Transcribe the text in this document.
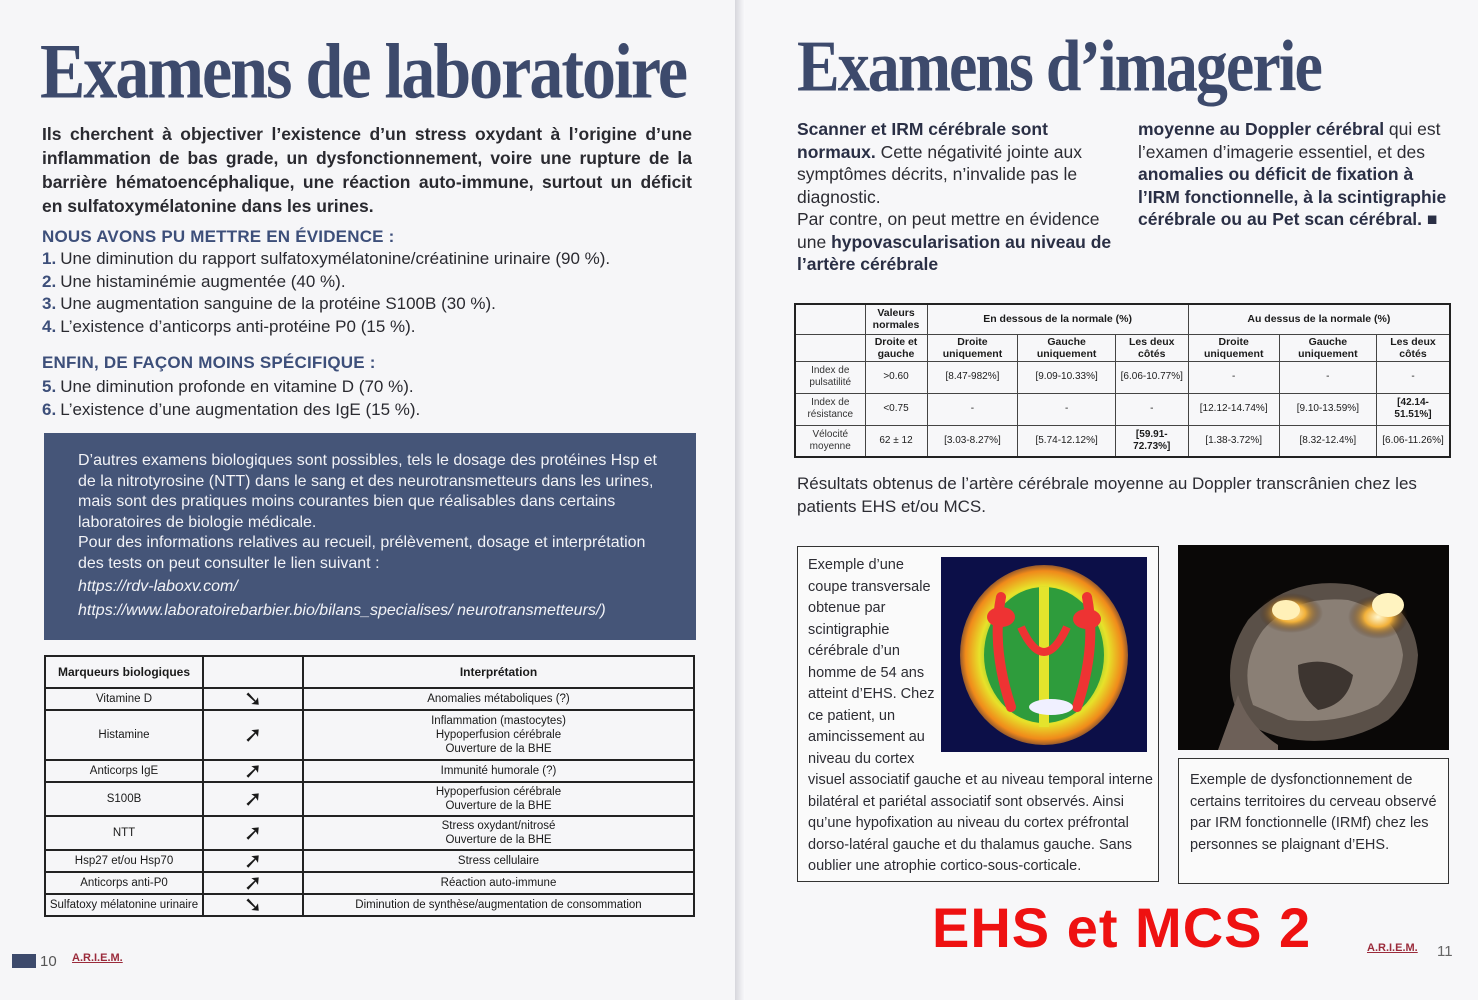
Examens de laboratoire
Ils cherchent à objectiver l’existence d’un stress oxydant à l’origine d’une inflammation de bas grade, un dysfonctionnement, voire une rupture de la barrière hématoencéphalique, une réaction auto-immune, surtout un déficit en sulfatoxymélatonine dans les urines.
NOUS AVONS PU METTRE EN ÉVIDENCE :
1. Une diminution du rapport sulfatoxymélatonine/créatinine urinaire (90 %).
2. Une histaminémie augmentée (40 %).
3. Une augmentation sanguine de la protéine S100B (30 %).
4. L’existence d’anticorps anti-protéine P0 (15 %).
ENFIN, DE FAÇON MOINS SPÉCIFIQUE :
5. Une diminution profonde en vitamine D (70 %).
6. L’existence d’une augmentation des IgE (15 %).

D’autres examens biologiques sont possibles, tels le dosage des protéines Hsp et de la nitrotyrosine (NTT) dans le sang et des neurotransmetteurs dans les urines, mais sont des pratiques moins courantes bien que réalisables dans certains laboratoires de biologie médicale.

Pour des informations relatives au recueil, prélèvement, dosage et interprétation des tests on peut consulter le lien suivant :

https://rdv-laboxv.com/
https://www.laboratoirebarbier.bio/bilans_specialises/ neurotransmetteurs/)
Marqueurs biologiques		Interprétation
Vitamine D	➘	Anomalies métaboliques (?)
Histamine	➚	Inflammation (mastocytes)
Hypoperfusion cérébrale
Ouverture de la BHE
Anticorps IgE	➚	Immunité humorale (?)
S100B	➚	Hypoperfusion cérébrale
Ouverture de la BHE
NTT	➚	Stress oxydant/nitrosé
Ouverture de la BHE
Hsp27 et/ou Hsp70	➚	Stress cellulaire
Anticorps anti-P0	➚	Réaction auto-immune
Sulfatoxy mélatonine urinaire	➘	Diminution de synthèse/augmentation de consommation
10 A.R.I.E.M.
Examens d’imagerie
Scanner et IRM cérébrale sont normaux. Cette négativité jointe aux symptômes décrits, n’invalide pas le diagnostic.
Par contre, on peut mettre en évidence une hypovascularisation au niveau de l’artère cérébrale
moyenne au Doppler cérébral qui est l’examen d’imagerie essentiel, et des anomalies ou déficit de fixation à l’IRM fonctionnelle, à la scintigraphie cérébrale ou au Pet scan cérébral. ■
	Valeurs normales	En dessous de la normale (%)			Au dessus de la normale (%)		
	Droite et gauche	Droite uniquement	Gauche uniquement	Les deux côtés	Droite uniquement	Gauche uniquement	Les deux côtés
Index de pulsatilité	>0.60	[8.47-982%]	[9.09-10.33%]	[6.06-10.77%]	-	-	-
Index de résistance	<0.75	-	-	-	[12.12-14.74%]	[9.10-13.59%]	[42.14-51.51%]
Vélocité moyenne	62 ± 12	[3.03-8.27%]	[5.74-12.12%]	[59.91-72.73%]	[1.38-3.72%]	[8.32-12.4%]	[6.06-11.26%]
Résultats obtenus de l’artère cérébrale moyenne au Doppler transcrânien chez les patients EHS et/ou MCS.
Exemple d’une coupe transversale obtenue par scintigraphie cérébrale d’un homme de 54 ans atteint d’EHS. Chez ce patient, un amincissement au niveau du cortex visuel associatif gauche et au niveau temporal interne bilatéral et pariétal associatif sont observés. Ainsi qu’une hypofixation au niveau du cortex préfrontal dorso-latéral gauche et du thalamus gauche. Sans oublier une atrophie cortico-sous-corticale.
Exemple de dysfonctionnement de certains territoires du cerveau observé par IRM fonctionnelle (IRMf) chez les personnes se plaignant d’EHS.
EHS et MCS 2	A.R.I.E.M. 11
